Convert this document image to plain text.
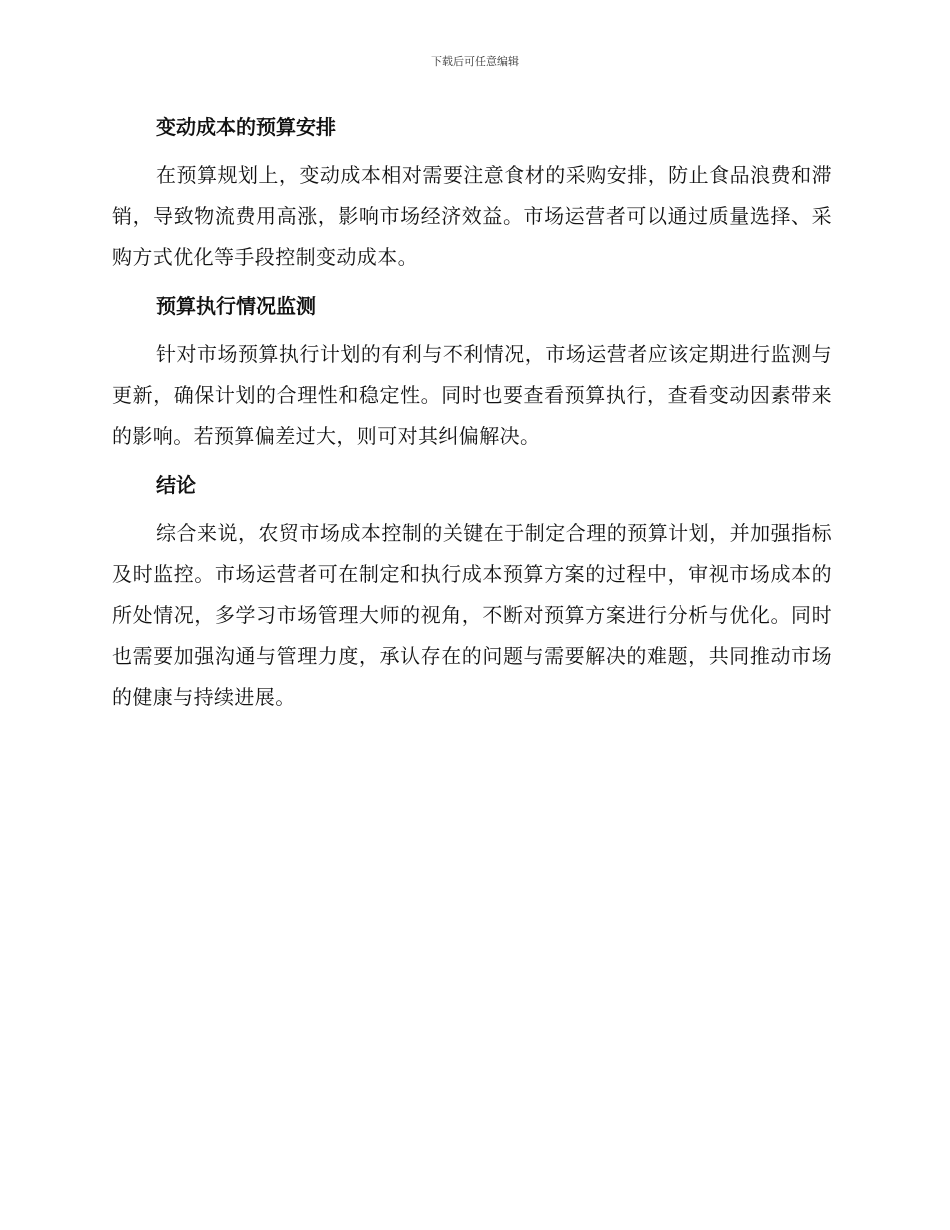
下载后可任意编辑
变动成本的预算安排

在预算规划上，变动成本相对需要注意食材的采购安排，防止食品浪费和滞销，导致物流费用高涨，影响市场经济效益。市场运营者可以通过质量选择、采购方式优化等手段控制变动成本。

预算执行情况监测

针对市场预算执行计划的有利与不利情况，市场运营者应该定期进行监测与更新，确保计划的合理性和稳定性。同时也要查看预算执行，查看变动因素带来的影响。若预算偏差过大，则可对其纠偏解决。

结论

综合来说，农贸市场成本控制的关键在于制定合理的预算计划，并加强指标及时监控。市场运营者可在制定和执行成本预算方案的过程中，审视市场成本的所处情况，多学习市场管理大师的视角，不断对预算方案进行分析与优化。同时也需要加强沟通与管理力度，承认存在的问题与需要解决的难题，共同推动市场的健康与持续进展。
